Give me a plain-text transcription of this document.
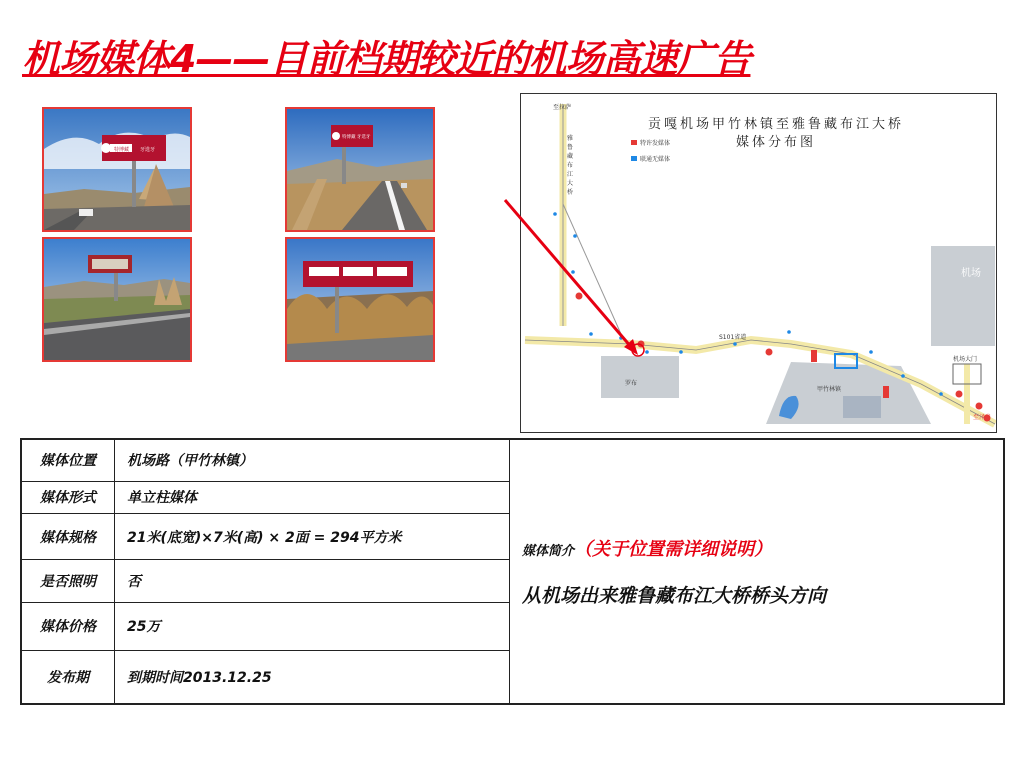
机场媒体4——目前档期较近的机场高速广告
特博藏 牙选牙
特博藏 牙选牙
贡嘎机场甲竹林镇至雅鲁藏布江大桥
媒体分布图
特许发媒体
联通无媒体
至拉萨
雅鲁藏布江大桥
机场
S101省道
甲竹林镇
罗布
机场大门
至泽当
媒体位置	机场路（甲竹林镇）	媒体简介（关于位置需详细说明）
从机场出来雅鲁藏布江大桥桥头方向

媒体形式	单立柱媒体	
媒体规格	21米(底宽)×7米(高) × 2面 = 294平方米	
是否照明	否	
媒体价格	25万	
发布期	到期时间2013.12.25	
